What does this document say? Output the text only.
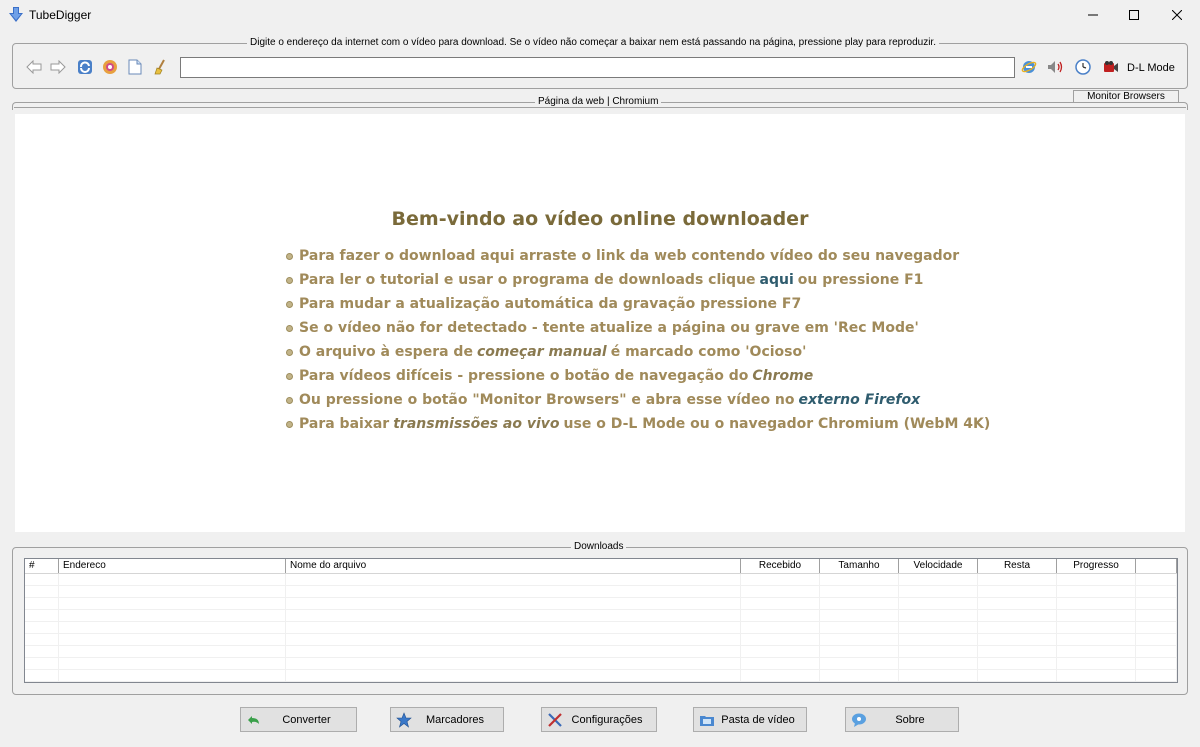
TubeDigger
Digite o endereço da internet com o vídeo para download. Se o vídeo não começar a baixar nem está passando na página, pressione play para reproduzir.
D-L Mode
Monitor Browsers
Página da web | Chromium
Bem-vindo ao vídeo online downloader
Para fazer o download aqui arraste o link da web contendo vídeo do seu navegador
Para ler o tutorial e usar o programa de downloads clique aqui ou pressione F1
Para mudar a atualização automática da gravação pressione F7
Se o vídeo não for detectado - tente atualize a página ou grave em 'Rec Mode'
O arquivo à espera de começar manual é marcado como 'Ocioso'
Para vídeos difíceis - pressione o botão de navegação do Chrome
Ou pressione o botão "Monitor Browsers" e abra esse vídeo no externo Firefox
Para baixar transmissões ao vivo use o D-L Mode ou o navegador Chromium (WebM 4K)
Downloads
#	Endereco	Nome do arquivo	Recebido	Tamanho	Velocidade	Resta	Progresso
Converter	Marcadores	Configurações	Pasta de vídeo	Sobre
